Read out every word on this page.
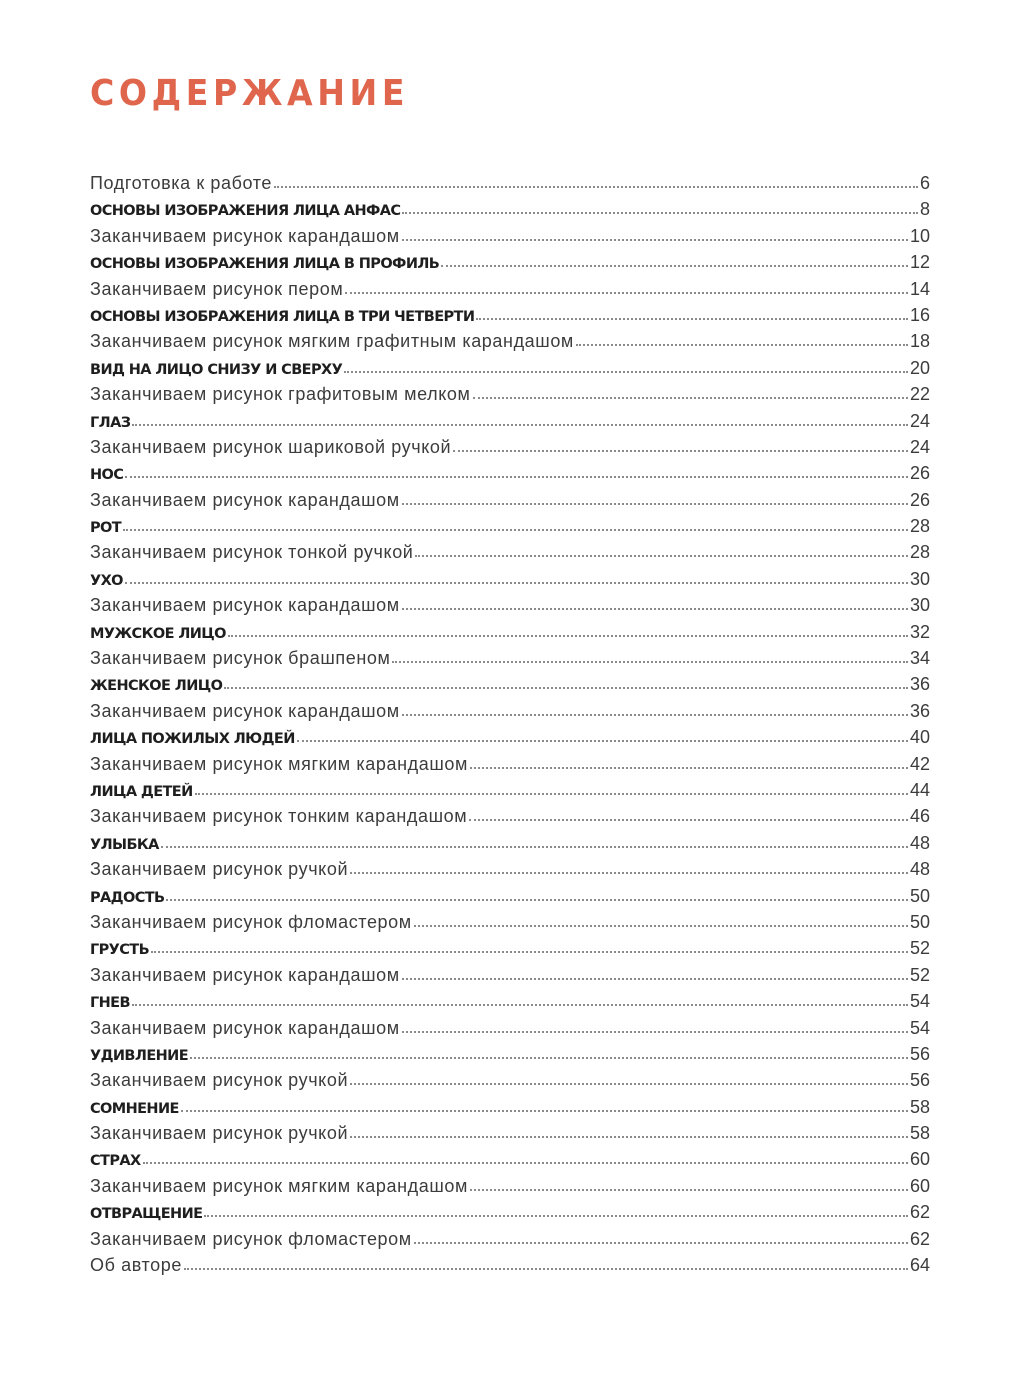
СОДЕРЖАНИЕ
Подготовка к работе	6
ОСНОВЫ ИЗОБРАЖЕНИЯ ЛИЦА АНФАС	8
Заканчиваем рисунок карандашом	10
ОСНОВЫ ИЗОБРАЖЕНИЯ ЛИЦА В ПРОФИЛЬ	12
Заканчиваем рисунок пером	14
ОСНОВЫ ИЗОБРАЖЕНИЯ ЛИЦА В ТРИ ЧЕТВЕРТИ	16
Заканчиваем рисунок мягким графитным карандашом	18
ВИД НА ЛИЦО СНИЗУ И СВЕРХУ	20
Заканчиваем рисунок графитовым мелком	22
ГЛАЗ	24
Заканчиваем рисунок шариковой ручкой	24
НОС	26
Заканчиваем рисунок карандашом	26
РОТ	28
Заканчиваем рисунок тонкой ручкой	28
УХО	30
Заканчиваем рисунок карандашом	30
МУЖСКОЕ ЛИЦО	32
Заканчиваем рисунок брашпеном	34
ЖЕНСКОЕ ЛИЦО	36
Заканчиваем рисунок карандашом	36
ЛИЦА ПОЖИЛЫХ ЛЮДЕЙ	40
Заканчиваем рисунок мягким карандашом	42
ЛИЦА ДЕТЕЙ	44
Заканчиваем рисунок тонким карандашом	46
УЛЫБКА	48
Заканчиваем рисунок ручкой	48
РАДОСТЬ	50
Заканчиваем рисунок фломастером	50
ГРУСТЬ	52
Заканчиваем рисунок карандашом	52
ГНЕВ	54
Заканчиваем рисунок карандашом	54
УДИВЛЕНИЕ	56
Заканчиваем рисунок ручкой	56
СОМНЕНИЕ	58
Заканчиваем рисунок ручкой	58
СТРАХ	60
Заканчиваем рисунок мягким карандашом	60
ОТВРАЩЕНИЕ	62
Заканчиваем рисунок фломастером	62
Об авторе	64
